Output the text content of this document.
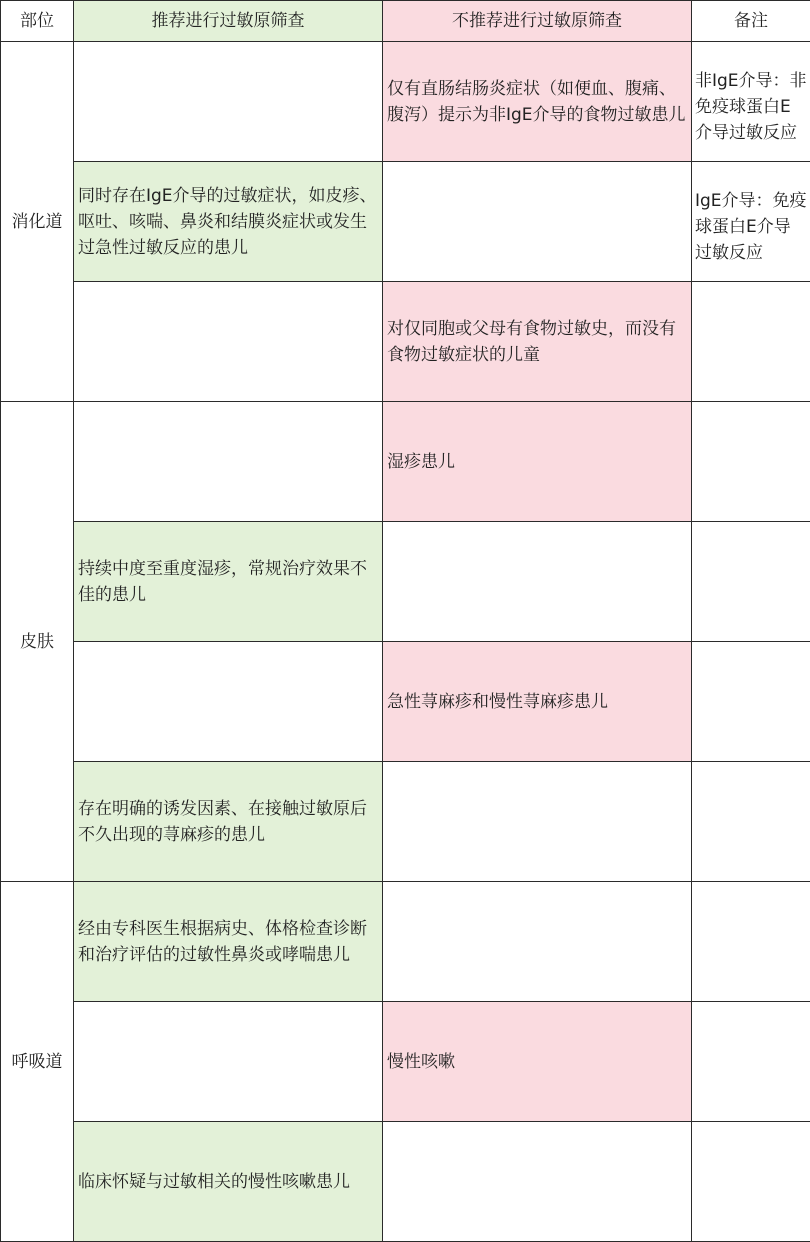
部位	推荐进行过敏原筛查	不推荐进行过敏原筛查	备注
消化道		仅有直肠结肠炎症状（如便血、腹痛、腹泻）提示为非IgE介导的食物过敏患儿	非IgE介导：非免疫球蛋白E介导过敏反应
	同时存在IgE介导的过敏症状，如皮疹、呕吐、咳喘、鼻炎和结膜炎症状或发生过急性过敏反应的患儿		IgE介导：免疫球蛋白E介导过敏反应
		对仅同胞或父母有食物过敏史，而没有食物过敏症状的儿童	
皮肤		湿疹患儿	
	持续中度至重度湿疹，常规治疗效果不佳的患儿		
		急性荨麻疹和慢性荨麻疹患儿	
	存在明确的诱发因素、在接触过敏原后不久出现的荨麻疹的患儿		
呼吸道	经由专科医生根据病史、体格检查诊断和治疗评估的过敏性鼻炎或哮喘患儿		
		慢性咳嗽	
	临床怀疑与过敏相关的慢性咳嗽患儿		
